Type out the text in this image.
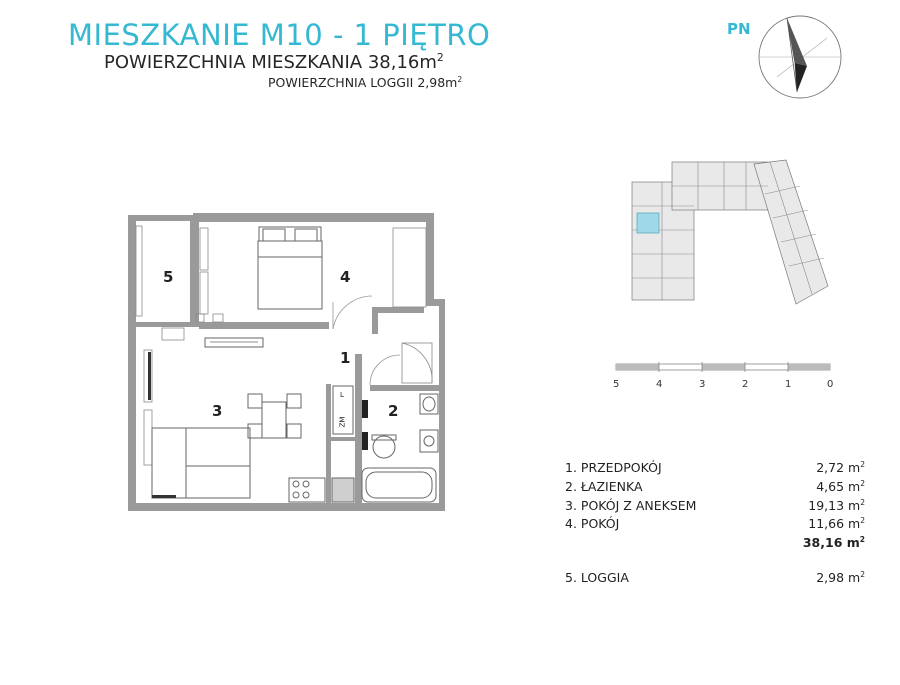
MIESZKANIE M10 - 1 PIĘTRO
POWIERZCHNIA MIESZKANIA $38,16m^2$
POWIERZCHNIA LOGGII $2,98m^2$
PN
1
2
3
4
5
L
ZM
5	4	3	2	1	0
1. PRZEDPOKÓJ	2,72 $m^2$
2. ŁAZIENKA	4,65 $m^2$
3. POKÓJ Z ANEKSEM	19,13 $m^2$
4. POKÓJ	11,66 $m^2$
38,16 $m^2$
5. LOGGIA	2,98 $m^2$
